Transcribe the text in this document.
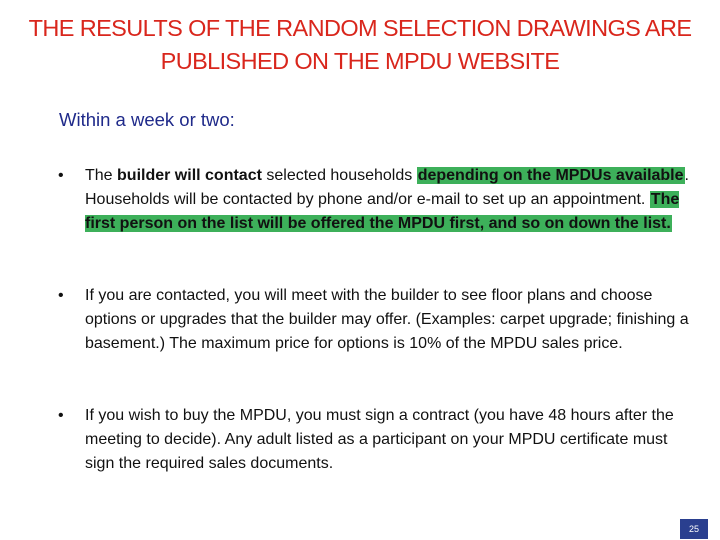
THE RESULTS OF THE RANDOM SELECTION DRAWINGS ARE
PUBLISHED ON THE MPDU WEBSITE
Within a week or two:
• The builder will contact selected households depending on the MPDUs available. Households will be contacted by phone and/or e-mail to set up an appointment. The first person on the list will be offered the MPDU first, and so on down the list.
• If you are contacted, you will meet with the builder to see floor plans and choose options or upgrades that the builder may offer. (Examples: carpet upgrade; finishing a basement.) The maximum price for options is 10% of the MPDU sales price.
• If you wish to buy the MPDU, you must sign a contract (you have 48 hours after the meeting to decide). Any adult listed as a participant on your MPDU certificate must sign the required sales documents.
25
